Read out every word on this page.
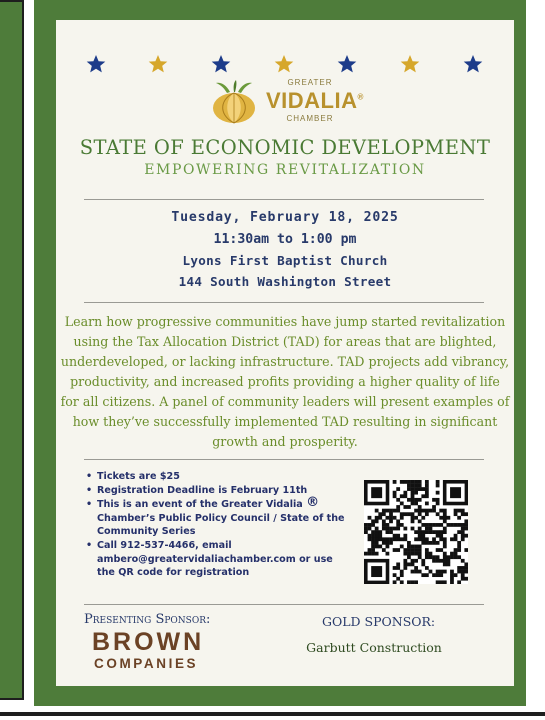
GREATER
VIDALIA®
CHAMBER
STATE OF ECONOMIC DEVELOPMENT
EMPOWERING REVITALIZATION
Tuesday, February 18, 2025
11:30am to 1:00 pm
Lyons First Baptist Church
144 South Washington Street
Learn how progressive communities have jump started revitalization using the Tax Allocation District (TAD) for areas that are blighted, underdeveloped, or lacking infrastructure. TAD projects add vibrancy, productivity, and increased profits providing a higher quality of life for all citizens. A panel of community leaders will present examples of how they’ve successfully implemented TAD resulting in significant growth and prosperity.
• Tickets are $25
• Registration Deadline is February 11th
• This is an event of the Greater Vidalia ® Chamber’s Public Policy Council / State of the Community Series
• Call 912-537-4466, email ambero@greatervidaliachamber.com or use the QR code for registration
Presenting Sponsor:
BROWN
COMPANIES
GOLD SPONSOR:
Garbutt Construction
